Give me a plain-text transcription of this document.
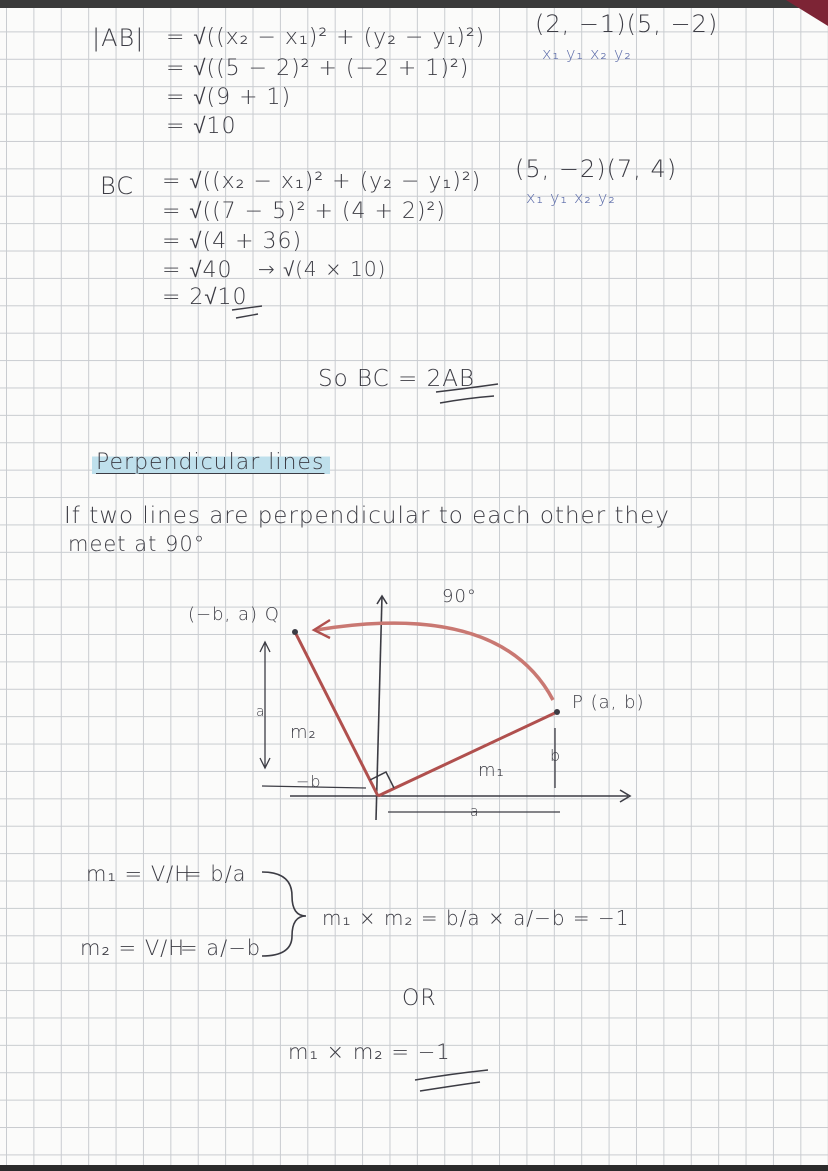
|AB| = √((x₂ − x₁)² + (y₂ − y₁)²)
= √((5 − 2)² + (−2 + 1)²)
= √(9 + 1)
= √10
(2, −1)(5, −2)
x₁ y₁ x₂ y₂
BC = √((x₂ − x₁)² + (y₂ − y₁)²)
= √((7 − 5)² + (4 + 2)²)
= √(4 + 36)
= √40
= 2√10
→ √(4 × 10)
(5, −2)(7, 4)
x₁ y₁ x₂ y₂
So BC = 2AB
Perpendicular lines
If two lines are perpendicular to each other they
meet at 90°
(−b, a) Q
P (a, b)
90°
m₂
m₁
a
−b
b
a
m₁ = V/H
= b/a
m₂ = V/H
= a/−b
m₁ × m₂ = b/a × a/−b = −1
OR
m₁ × m₂ = −1
